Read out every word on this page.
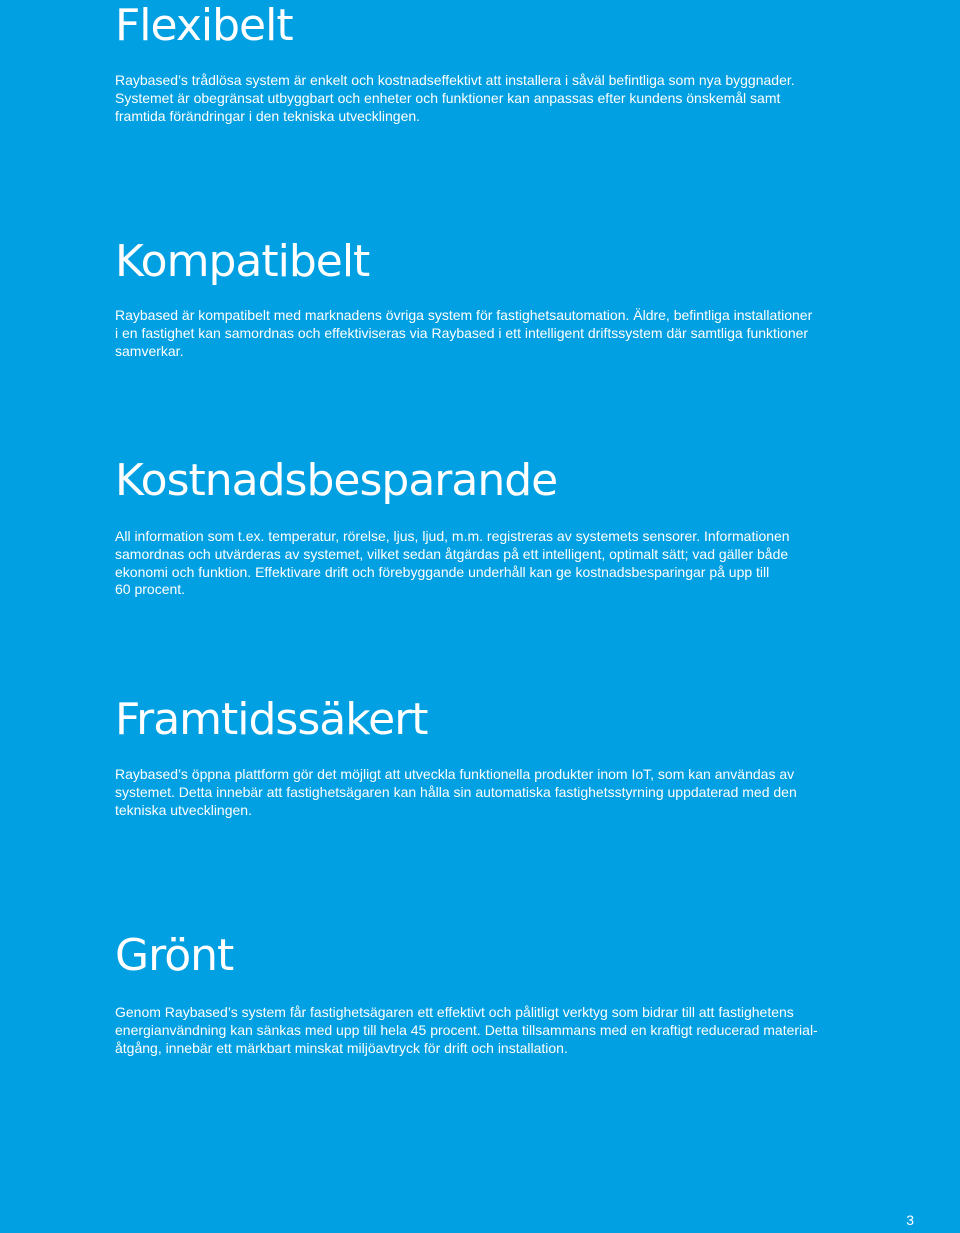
Flexibelt

Raybased’s trådlösa system är enkelt och kostnadseffektivt att installera i såväl befintliga som nya byggnader.
Systemet är obegränsat utbyggbart och enheter och funktioner kan anpassas efter kundens önskemål samt
framtida förändringar i den tekniska utvecklingen.

Kompatibelt

Raybased är kompatibelt med marknadens övriga system för fastighetsautomation. Äldre, befintliga installationer
i en fastighet kan samordnas och effektiviseras via Raybased i ett intelligent driftssystem där samtliga funktioner
samverkar.

Kostnadsbesparande

All information som t.ex. temperatur, rörelse, ljus, ljud, m.m. registreras av systemets sensorer. Informationen
samordnas och utvärderas av systemet, vilket sedan åtgärdas på ett intelligent, optimalt sätt; vad gäller både
ekonomi och funktion. Effektivare drift och förebyggande underhåll kan ge kostnadsbesparingar på upp till
60 procent.

Framtidssäkert

Raybased’s öppna plattform gör det möjligt att utveckla funktionella produkter inom IoT, som kan användas av
systemet. Detta innebär att fastighetsägaren kan hålla sin automatiska fastighetsstyrning uppdaterad med den
tekniska utvecklingen.

Grönt

Genom Raybased’s system får fastighetsägaren ett effektivt och pålitligt verktyg som bidrar till att fastighetens
energianvändning kan sänkas med upp till hela 45 procent. Detta tillsammans med en kraftigt reducerad material-
åtgång, innebär ett märkbart minskat miljöavtryck för drift och installation.

3
